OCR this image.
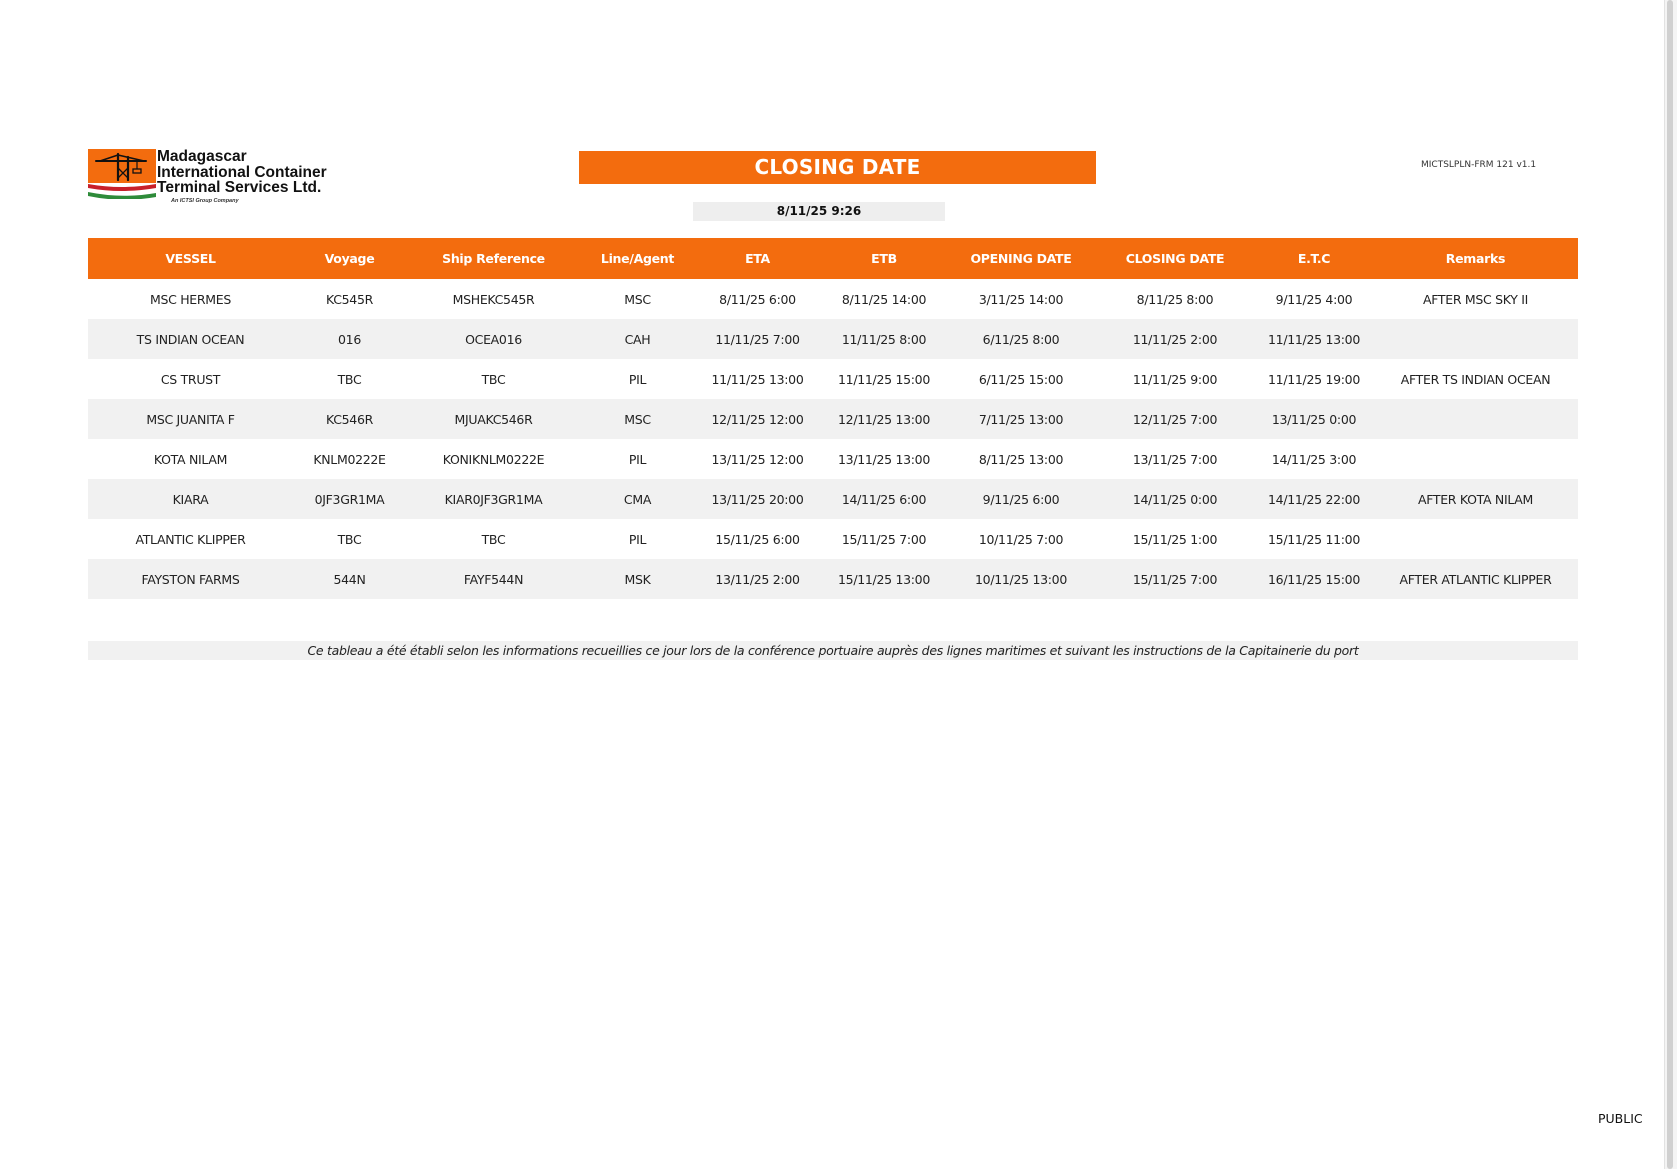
Madagascar
International Container
Terminal Services Ltd.
An ICTSI Group Company
CLOSING DATE
8/11/25 9:26
MICTSLPLN-FRM 121 v1.1
VESSEL	Voyage	Ship Reference	Line/Agent	ETA	ETB	OPENING DATE	CLOSING DATE	E.T.C	Remarks
MSC HERMES	KC545R	MSHEKC545R	MSC	8/11/25 6:00	8/11/25 14:00	3/11/25 14:00	8/11/25 8:00	9/11/25 4:00	AFTER MSC SKY II
TS INDIAN OCEAN	016	OCEA016	CAH	11/11/25 7:00	11/11/25 8:00	6/11/25 8:00	11/11/25 2:00	11/11/25 13:00	
CS TRUST	TBC	TBC	PIL	11/11/25 13:00	11/11/25 15:00	6/11/25 15:00	11/11/25 9:00	11/11/25 19:00	AFTER TS INDIAN OCEAN
MSC JUANITA F	KC546R	MJUAKC546R	MSC	12/11/25 12:00	12/11/25 13:00	7/11/25 13:00	12/11/25 7:00	13/11/25 0:00	
KOTA NILAM	KNLM0222E	KONIKNLM0222E	PIL	13/11/25 12:00	13/11/25 13:00	8/11/25 13:00	13/11/25 7:00	14/11/25 3:00	
KIARA	0JF3GR1MA	KIAR0JF3GR1MA	CMA	13/11/25 20:00	14/11/25 6:00	9/11/25 6:00	14/11/25 0:00	14/11/25 22:00	AFTER KOTA NILAM
ATLANTIC KLIPPER	TBC	TBC	PIL	15/11/25 6:00	15/11/25 7:00	10/11/25 7:00	15/11/25 1:00	15/11/25 11:00	
FAYSTON FARMS	544N	FAYF544N	MSK	13/11/25 2:00	15/11/25 13:00	10/11/25 13:00	15/11/25 7:00	16/11/25 15:00	AFTER ATLANTIC KLIPPER
Ce tableau a été établi selon les informations recueillies ce jour lors de la conférence portuaire auprès des lignes maritimes et suivant les instructions de la Capitainerie du port
PUBLIC
